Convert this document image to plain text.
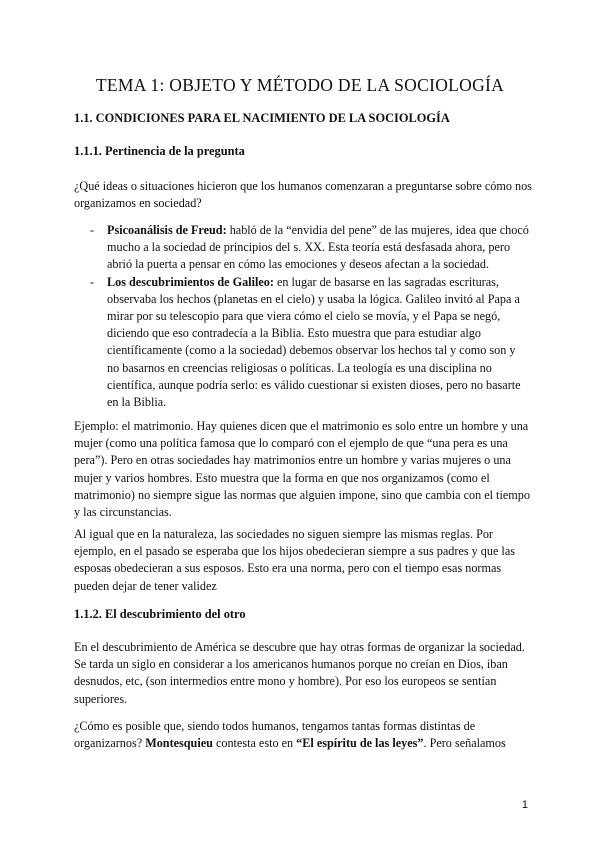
TEMA 1: OBJETO Y MÉTODO DE LA SOCIOLOGÍA
1.1. CONDICIONES PARA EL NACIMIENTO DE LA SOCIOLOGÍA
1.1.1. Pertinencia de la pregunta

¿Qué ideas o situaciones hicieron que los humanos comenzaran a preguntarse sobre cómo nos organizamos en sociedad?

- Psicoanálisis de Freud: habló de la “envidia del pene” de las mujeres, idea que chocó mucho a la sociedad de principios del s. XX. Esta teoría está desfasada ahora, pero abrió la puerta a pensar en cómo las emociones y deseos afectan a la sociedad.
- Los descubrimientos de Galileo: en lugar de basarse en las sagradas escrituras, observaba los hechos (planetas en el cielo) y usaba la lógica. Galileo invitó al Papa a mirar por su telescopio para que viera cómo el cielo se movía, y el Papa se negó, diciendo que eso contradecía a la Biblia. Esto muestra que para estudiar algo científicamente (como a la sociedad) debemos observar los hechos tal y como son y no basarnos en creencias religiosas o políticas. La teología es una disciplina no científica, aunque podría serlo: es válido cuestionar si existen dioses, pero no basarte en la Biblia.

Ejemplo: el matrimonio. Hay quienes dicen que el matrimonio es solo entre un hombre y una mujer (como una política famosa que lo comparó con el ejemplo de que “una pera es una pera”). Pero en otras sociedades hay matrimonios entre un hombre y varias mujeres o una mujer y varios hombres. Esto muestra que la forma en que nos organizamos (como el matrimonio) no siempre sigue las normas que alguien impone, sino que cambia con el tiempo y las circunstancias.

Al igual que en la naturaleza, las sociedades no siguen siempre las mismas reglas. Por ejemplo, en el pasado se esperaba que los hijos obedecieran siempre a sus padres y que las esposas obedecieran a sus esposos. Esto era una norma, pero con el tiempo esas normas pueden dejar de tener validez

1.1.2. El descubrimiento del otro

En el descubrimiento de América se descubre que hay otras formas de organizar la sociedad. Se tarda un siglo en considerar a los americanos humanos porque no creían en Dios, iban desnudos, etc, (son intermedios entre mono y hombre). Por eso los europeos se sentían superiores.

¿Cómo es posible que, siendo todos humanos, tengamos tantas formas distintas de organizarnos? Montesquieu contesta esto en “El espíritu de las leyes”. Pero señalamos

1
